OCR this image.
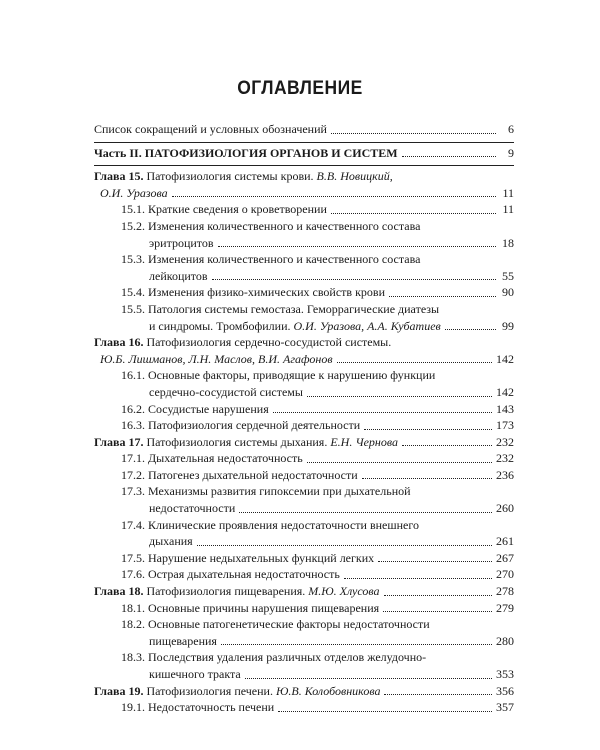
ОГЛАВЛЕНИЕ
Список сокращений и условных обозначений	6
Часть II. ПАТОФИЗИОЛОГИЯ ОРГАНОВ И СИСТЕМ	9
Глава 15. Патофизиология системы крови. В.В. Новицкий,
О.И. Уразова	11
15.1. Краткие сведения о кроветворении	11
15.2. Изменения количественного и качественного состава
эритроцитов	18
15.3. Изменения количественного и качественного состава
лейкоцитов	55
15.4. Изменения физико-химических свойств крови	90
15.5. Патология системы гемостаза. Геморрагические диатезы
и синдромы. Тромбофилии. О.И. Уразова, А.А. Кубатиев	99
Глава 16. Патофизиология сердечно-сосудистой системы.
Ю.Б. Лишманов, Л.Н. Маслов, В.И. Агафонов	142
16.1. Основные факторы, приводящие к нарушению функции
сердечно-сосудистой системы	142
16.2. Сосудистые нарушения	143
16.3. Патофизиология сердечной деятельности	173
Глава 17. Патофизиология системы дыхания. Е.Н. Чернова	232
17.1. Дыхательная недостаточность	232
17.2. Патогенез дыхательной недостаточности	236
17.3. Механизмы развития гипоксемии при дыхательной
недостаточности	260
17.4. Клинические проявления недостаточности внешнего
дыхания	261
17.5. Нарушение недыхательных функций легких	267
17.6. Острая дыхательная недостаточность	270
Глава 18. Патофизиология пищеварения. М.Ю. Хлусова	278
18.1. Основные причины нарушения пищеварения	279
18.2. Основные патогенетические факторы недостаточности
пищеварения	280
18.3. Последствия удаления различных отделов желудочно-
кишечного тракта	353
Глава 19. Патофизиология печени. Ю.В. Колобовникова	356
19.1. Недостаточность печени	357
